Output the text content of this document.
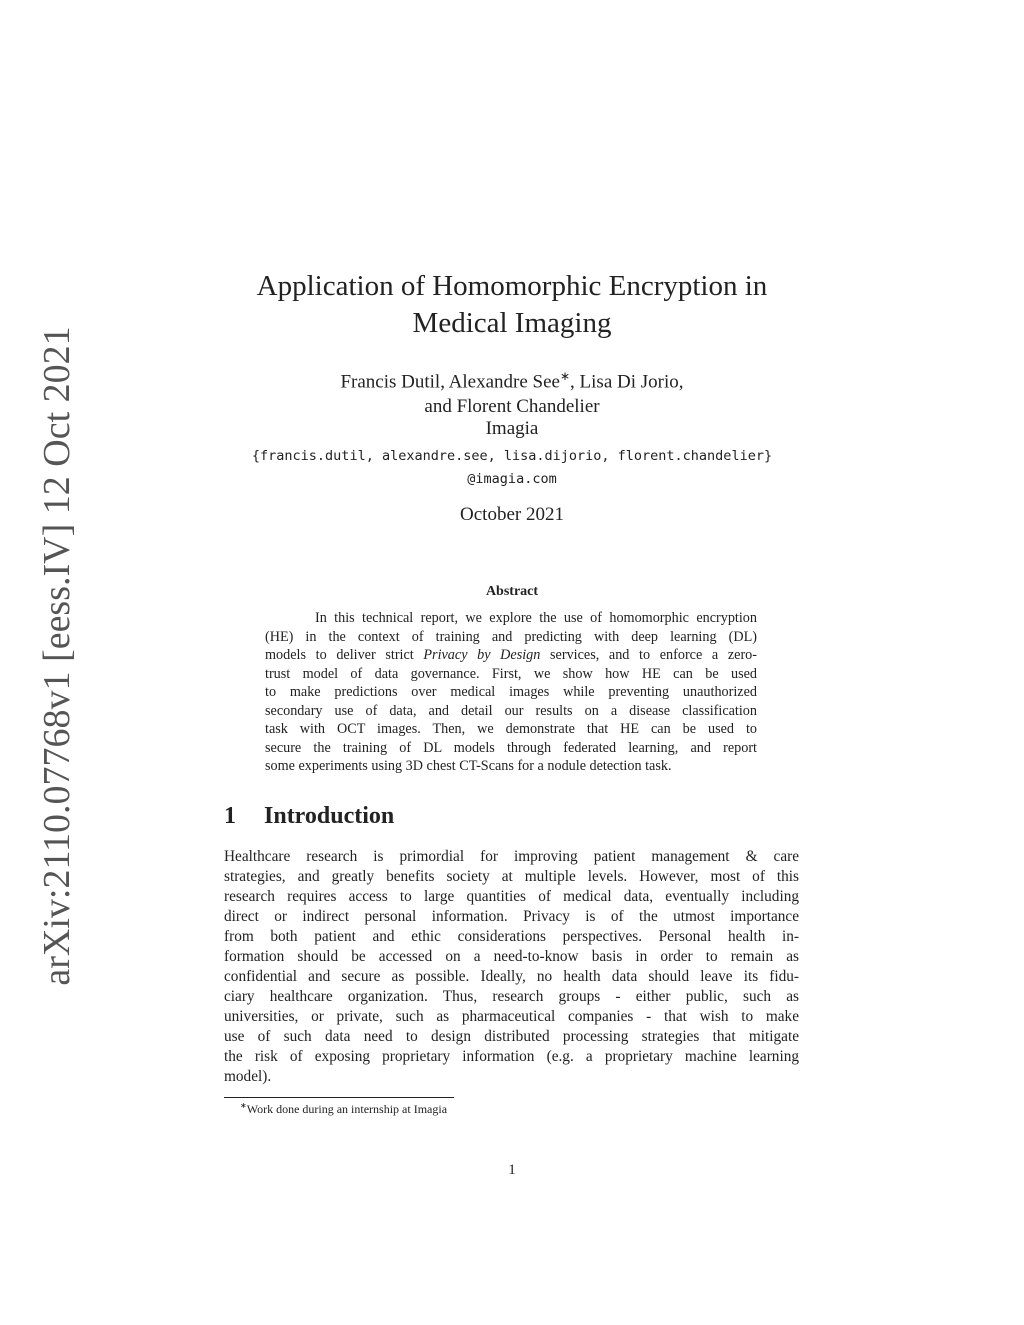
arXiv:2110.07768v1 [eess.IV] 12 Oct 2021
Application of Homomorphic Encryption in
Medical Imaging
Francis Dutil, Alexandre See∗, Lisa Di Jorio,
and Florent Chandelier
Imagia
{francis.dutil, alexandre.see, lisa.dijorio, florent.chandelier}
@imagia.com
October 2021
Abstract
In this technical report, we explore the use of homomorphic encryption
(HE) in the context of training and predicting with deep learning (DL)
models to deliver strict Privacy by Design services, and to enforce a zero-
trust model of data governance. First, we show how HE can be used
to make predictions over medical images while preventing unauthorized
secondary use of data, and detail our results on a disease classification
task with OCT images. Then, we demonstrate that HE can be used to
secure the training of DL models through federated learning, and report
some experiments using 3D chest CT-Scans for a nodule detection task.
1 Introduction
Healthcare research is primordial for improving patient management & care
strategies, and greatly benefits society at multiple levels. However, most of this
research requires access to large quantities of medical data, eventually including
direct or indirect personal information. Privacy is of the utmost importance
from both patient and ethic considerations perspectives. Personal health in-
formation should be accessed on a need-to-know basis in order to remain as
confidential and secure as possible. Ideally, no health data should leave its fidu-
ciary healthcare organization. Thus, research groups - either public, such as
universities, or private, such as pharmaceutical companies - that wish to make
use of such data need to design distributed processing strategies that mitigate
the risk of exposing proprietary information (e.g. a proprietary machine learning
model).
∗Work done during an internship at Imagia
1
